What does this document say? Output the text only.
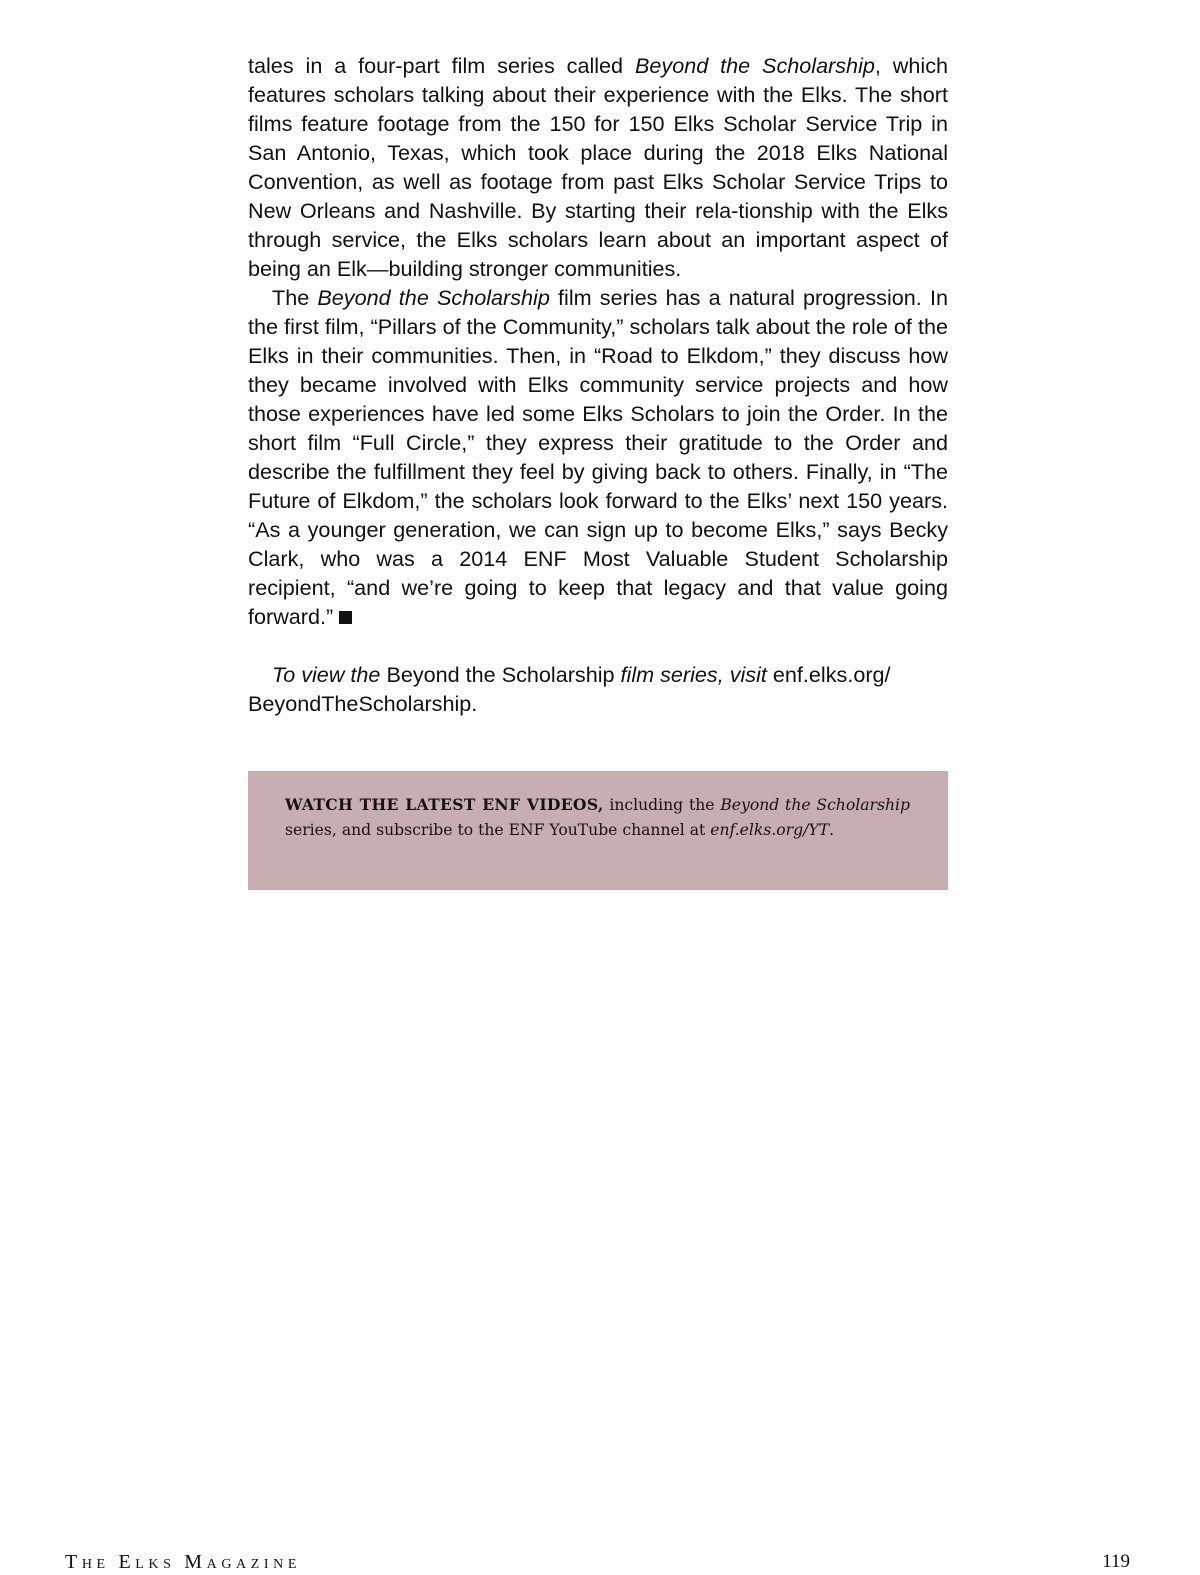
tales in a four-part film series called Beyond the Scholarship, which features scholars talking about their experience with the Elks. The short films feature footage from the 150 for 150 Elks Scholar Service Trip in San Antonio, Texas, which took place during the 2018 Elks National Convention, as well as footage from past Elks Scholar Service Trips to New Orleans and Nashville. By starting their rela-tionship with the Elks through service, the Elks scholars learn about an important aspect of being an Elk—building stronger communities.

The Beyond the Scholarship film series has a natural progression. In the first film, “Pillars of the Community,” scholars talk about the role of the Elks in their communities. Then, in “Road to Elkdom,” they discuss how they became involved with Elks community service projects and how those experiences have led some Elks Scholars to join the Order. In the short film “Full Circle,” they express their gratitude to the Order and describe the fulfillment they feel by giving back to others. Finally, in “The Future of Elkdom,” the scholars look forward to the Elks’ next 150 years. “As a younger generation, we can sign up to become Elks,” says Becky Clark, who was a 2014 ENF Most Valuable Student Scholarship recipient, “and we’re going to keep that legacy and that value going forward.”

To view the Beyond the Scholarship film series, visit enf.elks.org/
BeyondTheScholarship.

WATCH THE LATEST ENF VIDEOS, including the Beyond the Scholarship series, and subscribe to the ENF YouTube channel at enf.elks.org/YT.
THE ELKS MAGAZINE	119
